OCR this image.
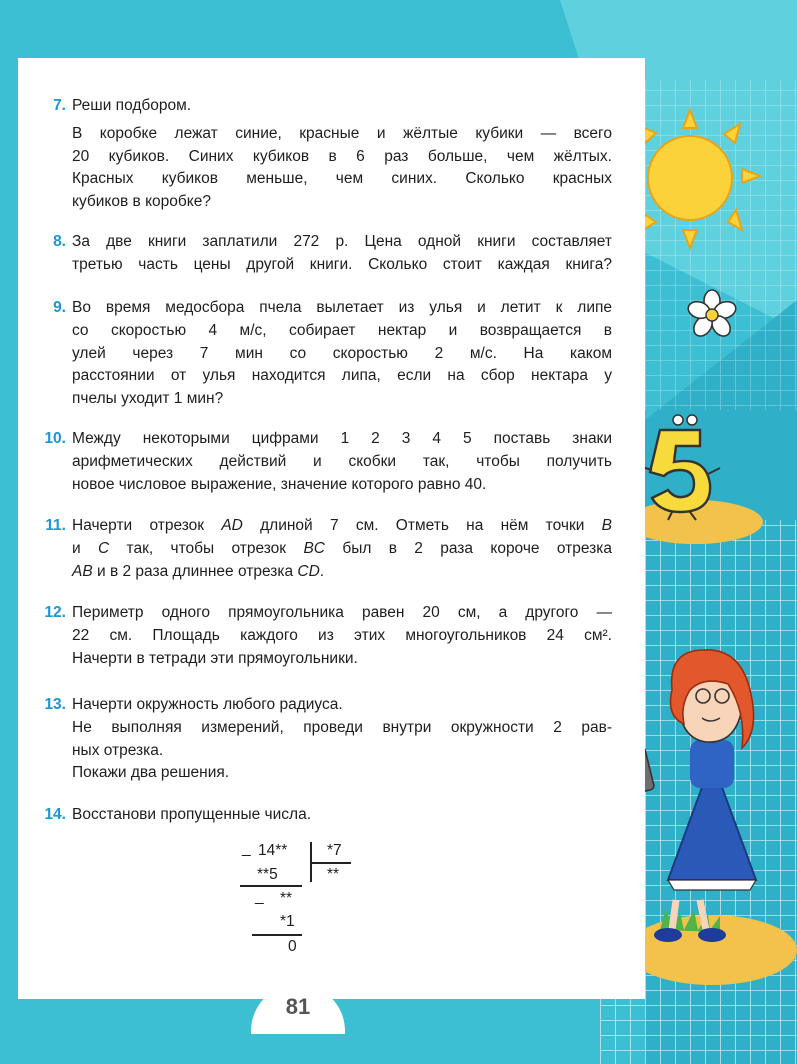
7. Реши подбором.
В коробке лежат синие, красные и жёлтые кубики — всего
20 кубиков. Синих кубиков в 6 раз больше, чем жёлтых.
Красных кубиков меньше, чем синих. Сколько красных
кубиков в коробке?
8. За две книги заплатили 272 р. Цена одной книги составляет
третью часть цены другой книги. Сколько стоит каждая книга?
9. Во время медосбора пчела вылетает из улья и летит к липе
со скоростью 4 м/с, собирает нектар и возвращается в
улей через 7 мин со скоростью 2 м/с. На каком
расстоянии от улья находится липа, если на сбор нектара у
пчелы уходит 1 мин?
10. Между некоторыми цифрами 1 2 3 4 5 поставь знаки
арифметических действий и скобки так, чтобы получить
новое числовое выражение, значение которого равно 40.
11. Начерти отрезок AD длиной 7 см. Отметь на нём точки B
и C так, чтобы отрезок BC был в 2 раза короче отрезка
AB и в 2 раза длиннее отрезка CD.
12. Периметр одного прямоугольника равен 20 см, а другого —
22 см. Площадь каждого из этих многоугольников 24 см².
Начерти в тетради эти прямоугольники.
13. Начерти окружность любого радиуса.
Не выполняя измерений, проведи внутри окружности 2 рав-
ных отрезка.
Покажи два решения.
14. Восстанови пропущенные числа.
_ 14**	*7
**
**5
_ **
*1
0
81
